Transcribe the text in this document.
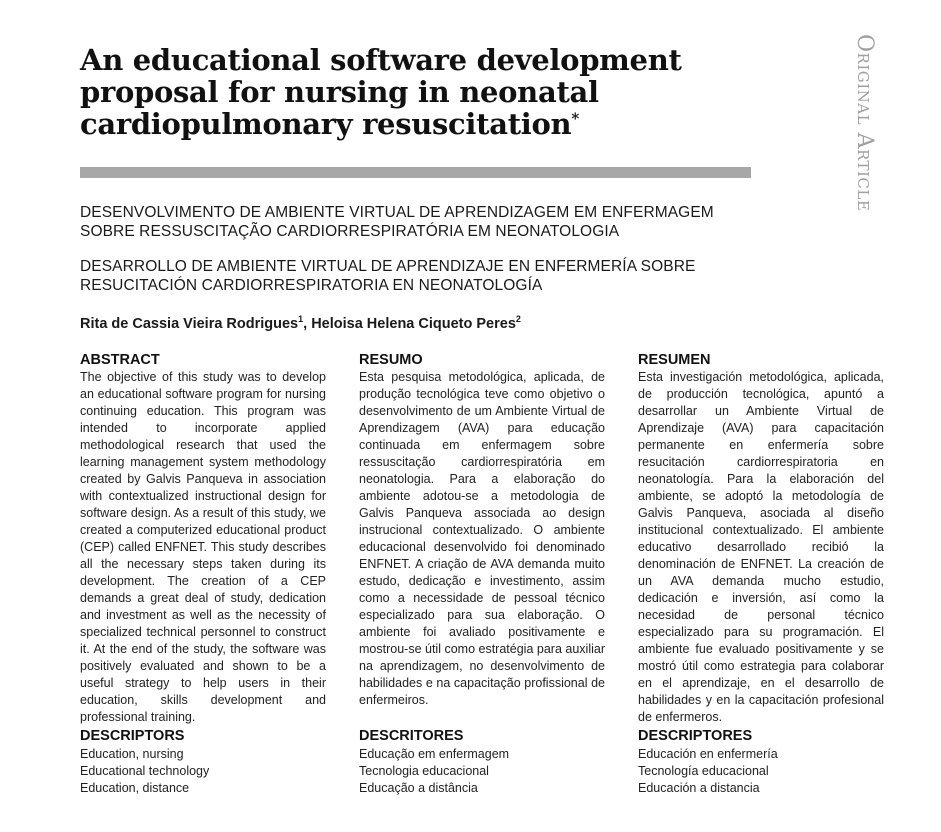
An educational software development proposal for nursing in neonatal cardiopulmonary resuscitation*	Original Article

DESENVOLVIMENTO DE AMBIENTE VIRTUAL DE APRENDIZAGEM EM ENFERMAGEM SOBRE RESSUSCITAÇÃO CARDIORRESPIRATÓRIA EM NEONATOLOGIA

DESARROLLO DE AMBIENTE VIRTUAL DE APRENDIZAJE EN ENFERMERÍA SOBRE RESUCITACIÓN CARDIORRESPIRATORIA EN NEONATOLOGÍA

Rita de Cassia Vieira Rodrigues$^1$, Heloisa Helena Ciqueto Peres$^2$

ABSTRACT

The objective of this study was to develop an educational software program for nursing continuing education. This program was intended to incorporate applied methodological research that used the learning management system methodology created by Galvis Panqueva in association with contextualized instructional design for software design. As a result of this study, we created a computerized educational product (CEP) called ENFNET. This study describes all the necessary steps taken during its development. The creation of a CEP demands a great deal of study, dedication and investment as well as the necessity of specialized technical personnel to construct it. At the end of the study, the software was positively evaluated and shown to be a useful strategy to help users in their education, skills development and professional training.

RESUMO

Esta pesquisa metodológica, aplicada, de produção tecnológica teve como objetivo o desenvolvimento de um Ambiente Virtual de Aprendizagem (AVA) para educação continuada em enfermagem sobre ressuscitação cardiorrespiratória em neonatologia. Para a elaboração do ambiente adotou-se a metodologia de Galvis Panqueva associada ao design instrucional contextualizado. O ambiente educacional desenvolvido foi denominado ENFNET. A criação de AVA demanda muito estudo, dedicação e investimento, assim como a necessidade de pessoal técnico especializado para sua elaboração. O ambiente foi avaliado positivamente e mostrou-se útil como estratégia para auxiliar na aprendizagem, no desenvolvimento de habilidades e na capacitação profissional de enfermeiros.

RESUMEN

Esta investigación metodológica, aplicada, de producción tecnológica, apuntó a desarrollar un Ambiente Virtual de Aprendizaje (AVA) para capacitación permanente en enfermería sobre resucitación cardiorrespiratoria en neonatología. Para la elaboración del ambiente, se adoptó la metodología de Galvis Panqueva, asociada al diseño institucional contextualizado. El ambiente educativo desarrollado recibió la denominación de ENFNET. La creación de un AVA demanda mucho estudio, dedicación e inversión, así como la necesidad de personal técnico especializado para su programación. El ambiente fue evaluado positivamente y se mostró útil como estrategia para colaborar en el aprendizaje, en el desarrollo de habilidades y en la capacitación profesional de enfermeros.

DESCRIPTORS
Education, nursing
Educational technology
Education, distance
DESCRITORES
Educação em enfermagem
Tecnologia educacional
Educação a distância
DESCRIPTORES
Educación en enfermería
Tecnología educacional
Educación a distancia
